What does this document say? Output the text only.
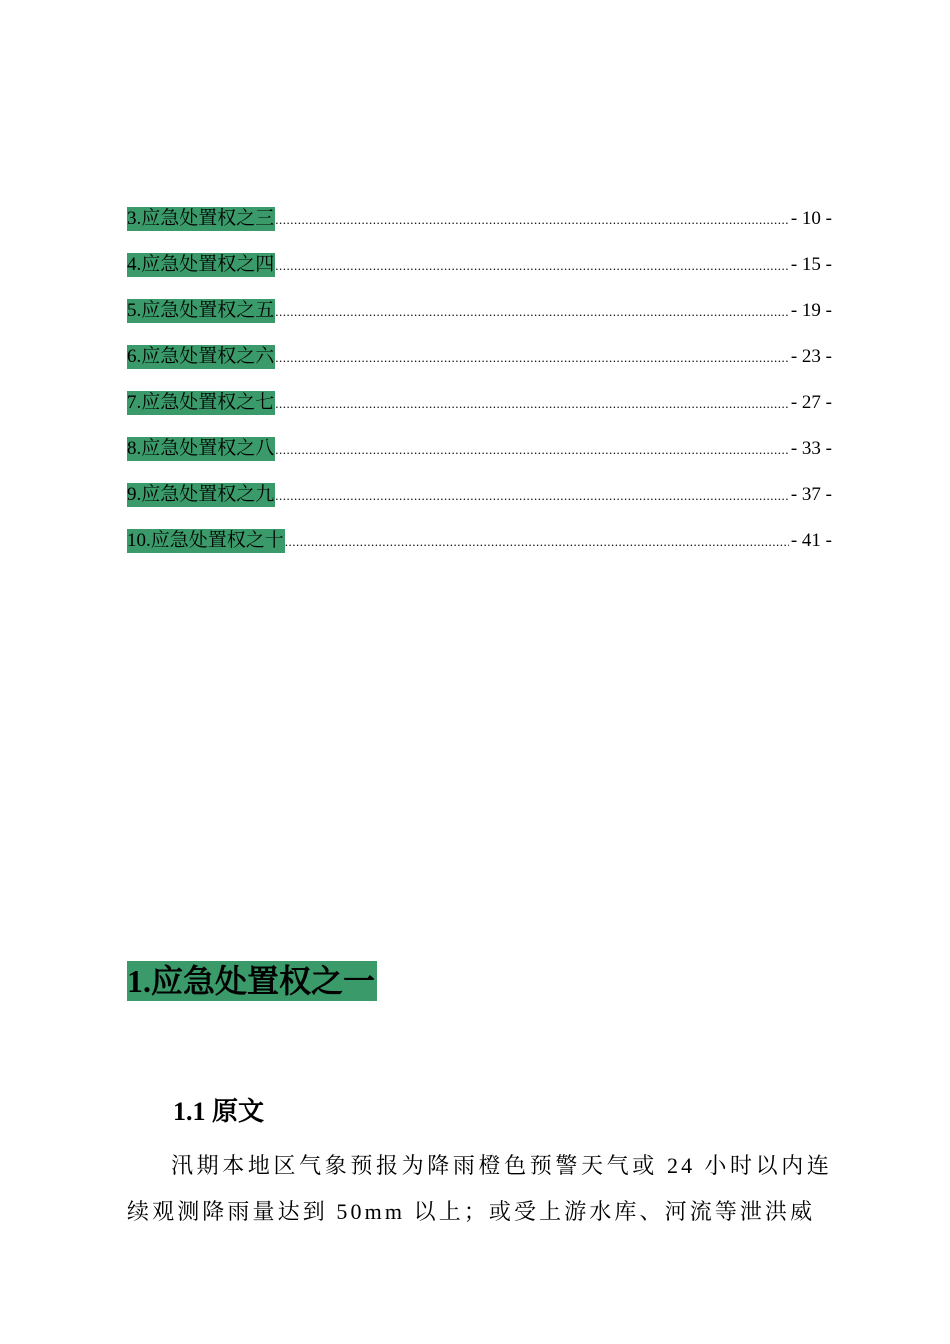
3.应急处置权之三 .....	- 10 -
4.应急处置权之四 .....	- 15 -
5.应急处置权之五 .....	- 19 -
6.应急处置权之六 .....	- 23 -
7.应急处置权之七 .....	- 27 -
8.应急处置权之八 .....	- 33 -
9.应急处置权之九 .....	- 37 -
10.应急处置权之十 .....	- 41 -
1.应急处置权之一
1.1 原文

汛期本地区气象预报为降雨橙色预警天气或 24 小时以内连续观测降雨量达到 50mm 以上；或受上游水库、河流等泄洪威
